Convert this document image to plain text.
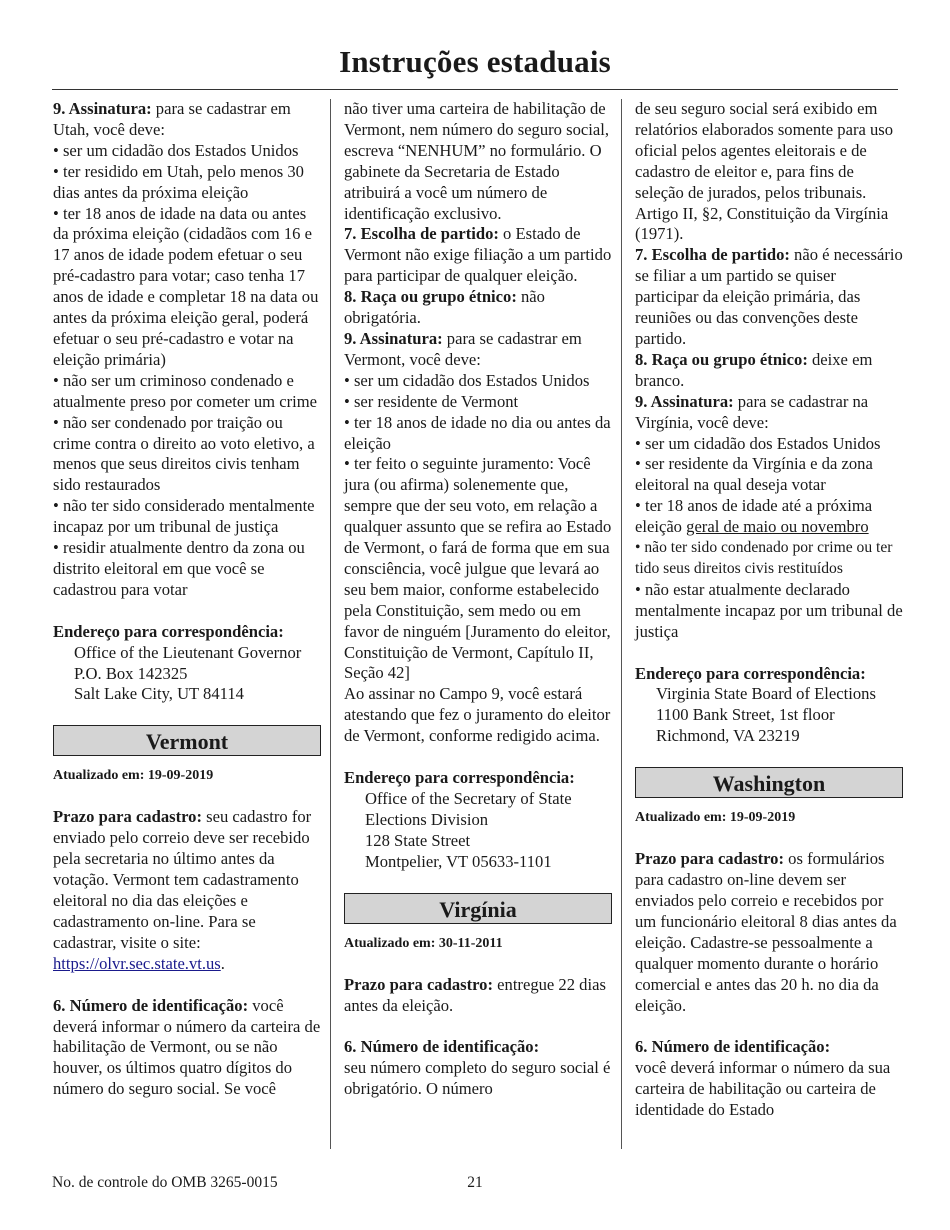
Instruções estaduais

9. Assinatura: para se cadastrar em Utah, você deve:

• ser um cidadão dos Estados Unidos

• ter residido em Utah, pelo menos 30 dias antes da próxima eleição

• ter 18 anos de idade na data ou antes da próxima eleição (cidadãos com 16 e 17 anos de idade podem efetuar o seu pré-cadastro para votar; caso tenha 17 anos de idade e completar 18 na data ou antes da próxima eleição geral, poderá efetuar o seu pré-cadastro e votar na eleição primária)

• não ser um criminoso condenado e atualmente preso por cometer um crime

• não ser condenado por traição ou crime contra o direito ao voto eletivo, a menos que seus direitos civis tenham sido restaurados

• não ter sido considerado mentalmente incapaz por um tribunal de justiça

• residir atualmente dentro da zona ou distrito eleitoral em que você se cadastrou para votar

Endereço para correspondência:

Office of the Lieutenant Governor

P.O. Box 142325

Salt Lake City, UT 84114

Vermont

Atualizado em: 19-09-2019

Prazo para cadastro: seu cadastro for enviado pelo correio deve ser recebido pela secretaria no último antes da votação. Vermont tem cadastramento eleitoral no dia das eleições e cadastramento on-line. Para se cadastrar, visite o site: https://olvr.sec.state.vt.us.

6. Número de identificação: você deverá informar o número da carteira de habilitação de Vermont, ou se não houver, os últimos quatro dígitos do número do seguro social. Se você

não tiver uma carteira de habilitação de Vermont, nem número do seguro social, escreva “NENHUM” no formulário. O gabinete da Secretaria de Estado atribuirá a você um número de identificação exclusivo.

7. Escolha de partido: o Estado de Vermont não exige filiação a um partido para participar de qualquer eleição.

8. Raça ou grupo étnico: não obrigatória.

9. Assinatura: para se cadastrar em Vermont, você deve:

• ser um cidadão dos Estados Unidos

• ser residente de Vermont

• ter 18 anos de idade no dia ou antes da eleição

• ter feito o seguinte juramento: Você jura (ou afirma) solenemente que, sempre que der seu voto, em relação a qualquer assunto que se refira ao Estado de Vermont, o fará de forma que em sua consciência, você julgue que levará ao seu bem maior, conforme estabelecido pela Constituição, sem medo ou em favor de ninguém [Juramento do eleitor, Constituição de Vermont, Capítulo II, Seção 42]

Ao assinar no Campo 9, você estará atestando que fez o juramento do eleitor de Vermont, conforme redigido acima.

Endereço para correspondência:

Office of the Secretary of State

Elections Division

128 State Street

Montpelier, VT 05633-1101

Virgínia

Atualizado em: 30-11-2011

Prazo para cadastro: entregue 22 dias antes da eleição.

6. Número de identificação:

seu número completo do seguro social é obrigatório. O número

de seu seguro social será exibido em relatórios elaborados somente para uso oficial pelos agentes eleitorais e de cadastro de eleitor e, para fins de seleção de jurados, pelos tribunais. Artigo II, §2, Constituição da Virgínia (1971).

7. Escolha de partido: não é necessário se filiar a um partido se quiser participar da eleição primária, das reuniões ou das convenções deste partido.

8. Raça ou grupo étnico: deixe em branco.

9. Assinatura: para se cadastrar na Virgínia, você deve:

• ser um cidadão dos Estados Unidos

• ser residente da Virgínia e da zona eleitoral na qual deseja votar

• ter 18 anos de idade até a próxima eleição geral de maio ou novembro

• não ter sido condenado por crime ou ter tido seus direitos civis restituídos

• não estar atualmente declarado mentalmente incapaz por um tribunal de justiça

Endereço para correspondência:

Virginia State Board of Elections

1100 Bank Street, 1st floor

Richmond, VA 23219

Washington

Atualizado em: 19-09-2019

Prazo para cadastro: os formulários para cadastro on-line devem ser enviados pelo correio e recebidos por um funcionário eleitoral 8 dias antes da eleição. Cadastre-se pessoalmente a qualquer momento durante o horário comercial e antes das 20 h. no dia da eleição.

6. Número de identificação:

você deverá informar o número da sua carteira de habilitação ou carteira de identidade do Estado

No. de controle do OMB 3265-0015	21
